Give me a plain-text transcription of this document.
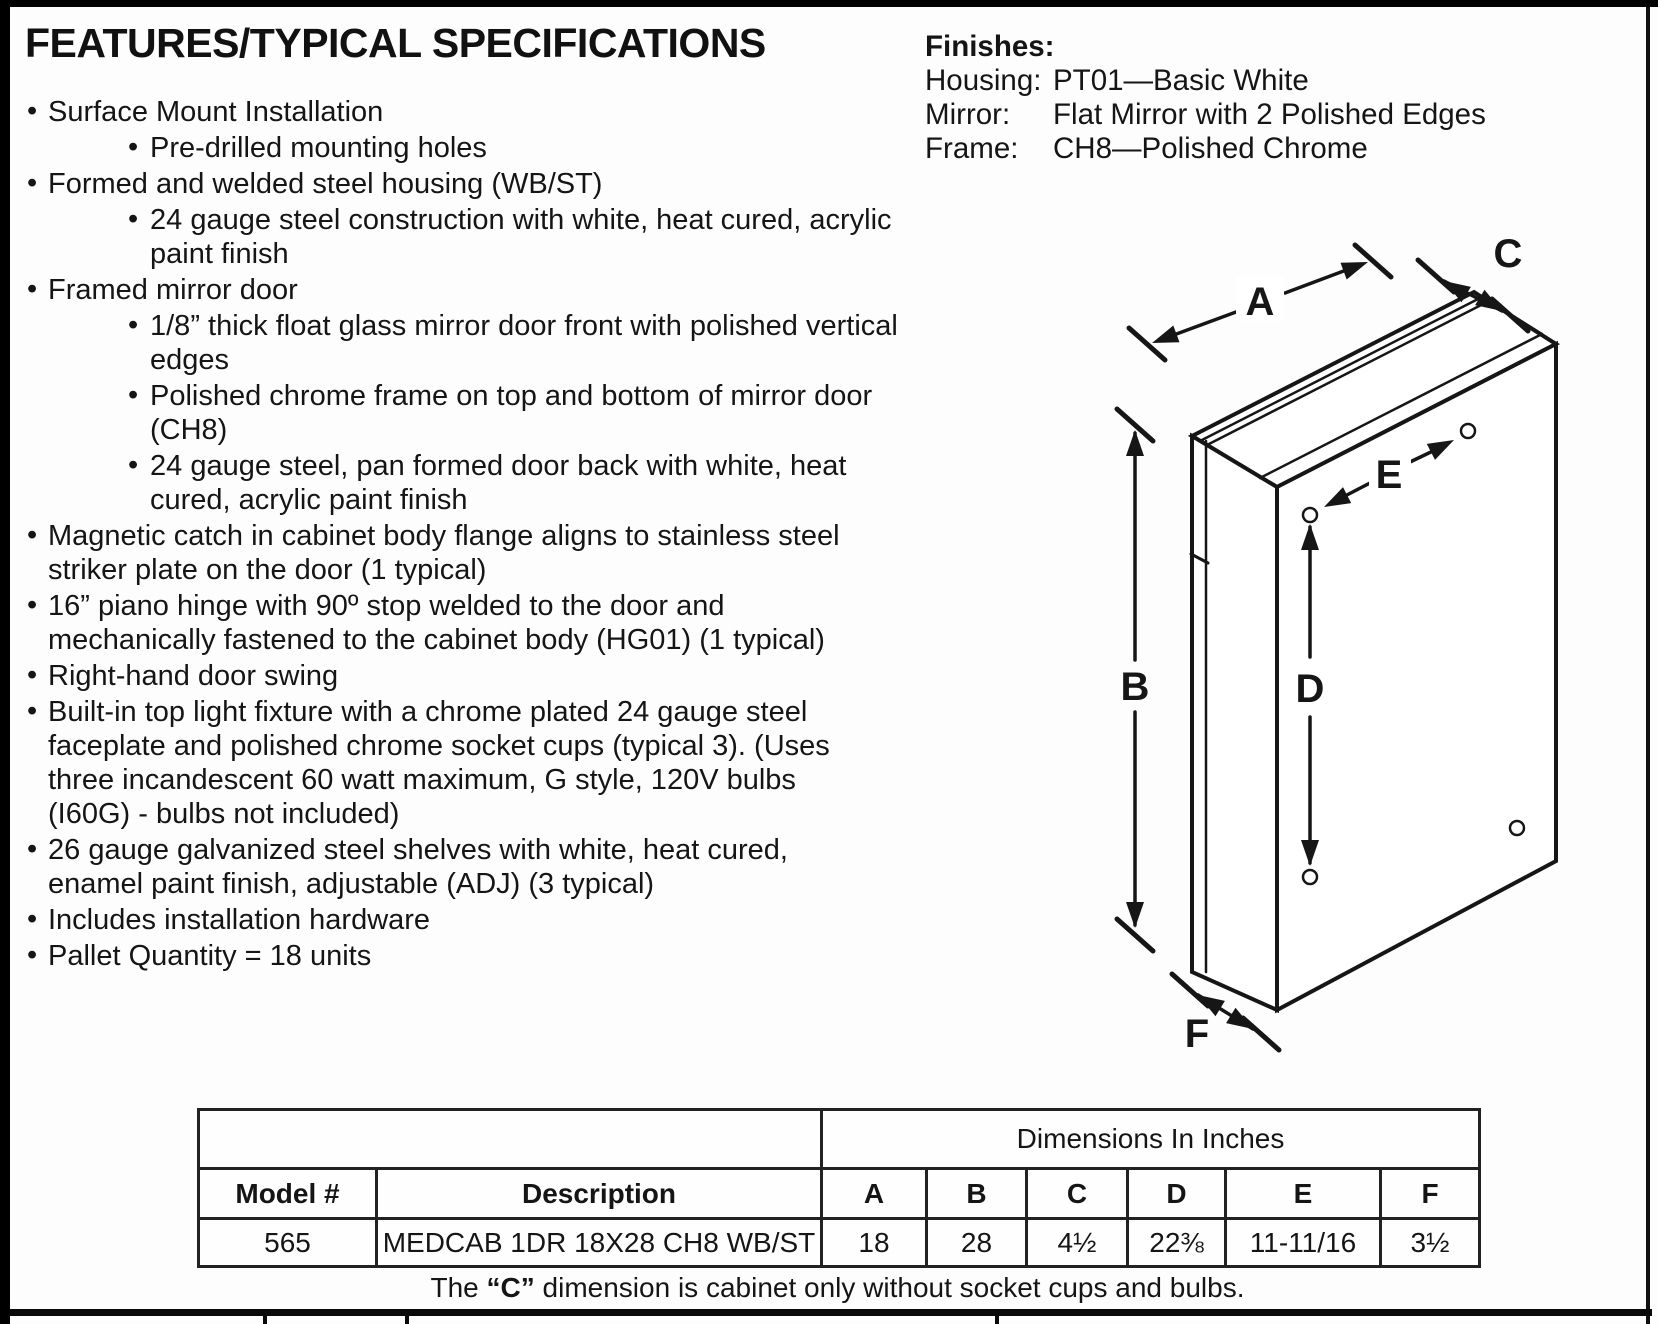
FEATURES/TYPICAL SPECIFICATIONS
• Surface Mount Installation
• Pre-drilled mounting holes
• Formed and welded steel housing (WB/ST)
• 24 gauge steel construction with white, heat cured, acrylic paint finish
• Framed mirror door
• 1/8” thick float glass mirror door front with polished vertical edges
• Polished chrome frame on top and bottom of mirror door (CH8)
• 24 gauge steel, pan formed door back with white, heat cured, acrylic paint finish
• Magnetic catch in cabinet body flange aligns to stainless steel striker plate on the door (1 typical)
• 16” piano hinge with 90º stop welded to the door and mechanically fastened to the cabinet body (HG01) (1 typical)
• Right-hand door swing
• Built-in top light fixture with a chrome plated 24 gauge steel faceplate and polished chrome socket cups (typical 3). (Uses three incandescent 60 watt maximum, G style, 120V bulbs (I60G) - bulbs not included)
• 26 gauge galvanized steel shelves with white, heat cured, enamel paint finish, adjustable (ADJ) (3 typical)
• Includes installation hardware
• Pallet Quantity = 18 units
Finishes:
Housing: PT01—Basic White
Mirror:	Flat Mirror with 2 Polished Edges
Frame:	CH8—Polished Chrome
A
B
C
D
E
F
		Dimensions In Inches					
Model #	Description	A	B	C	D	E	F
565	MEDCAB 1DR 18X28 CH8 WB/ST	18	28	4½	22⅜	11-11/16	3½
The “C” dimension is cabinet only without socket cups and bulbs.
